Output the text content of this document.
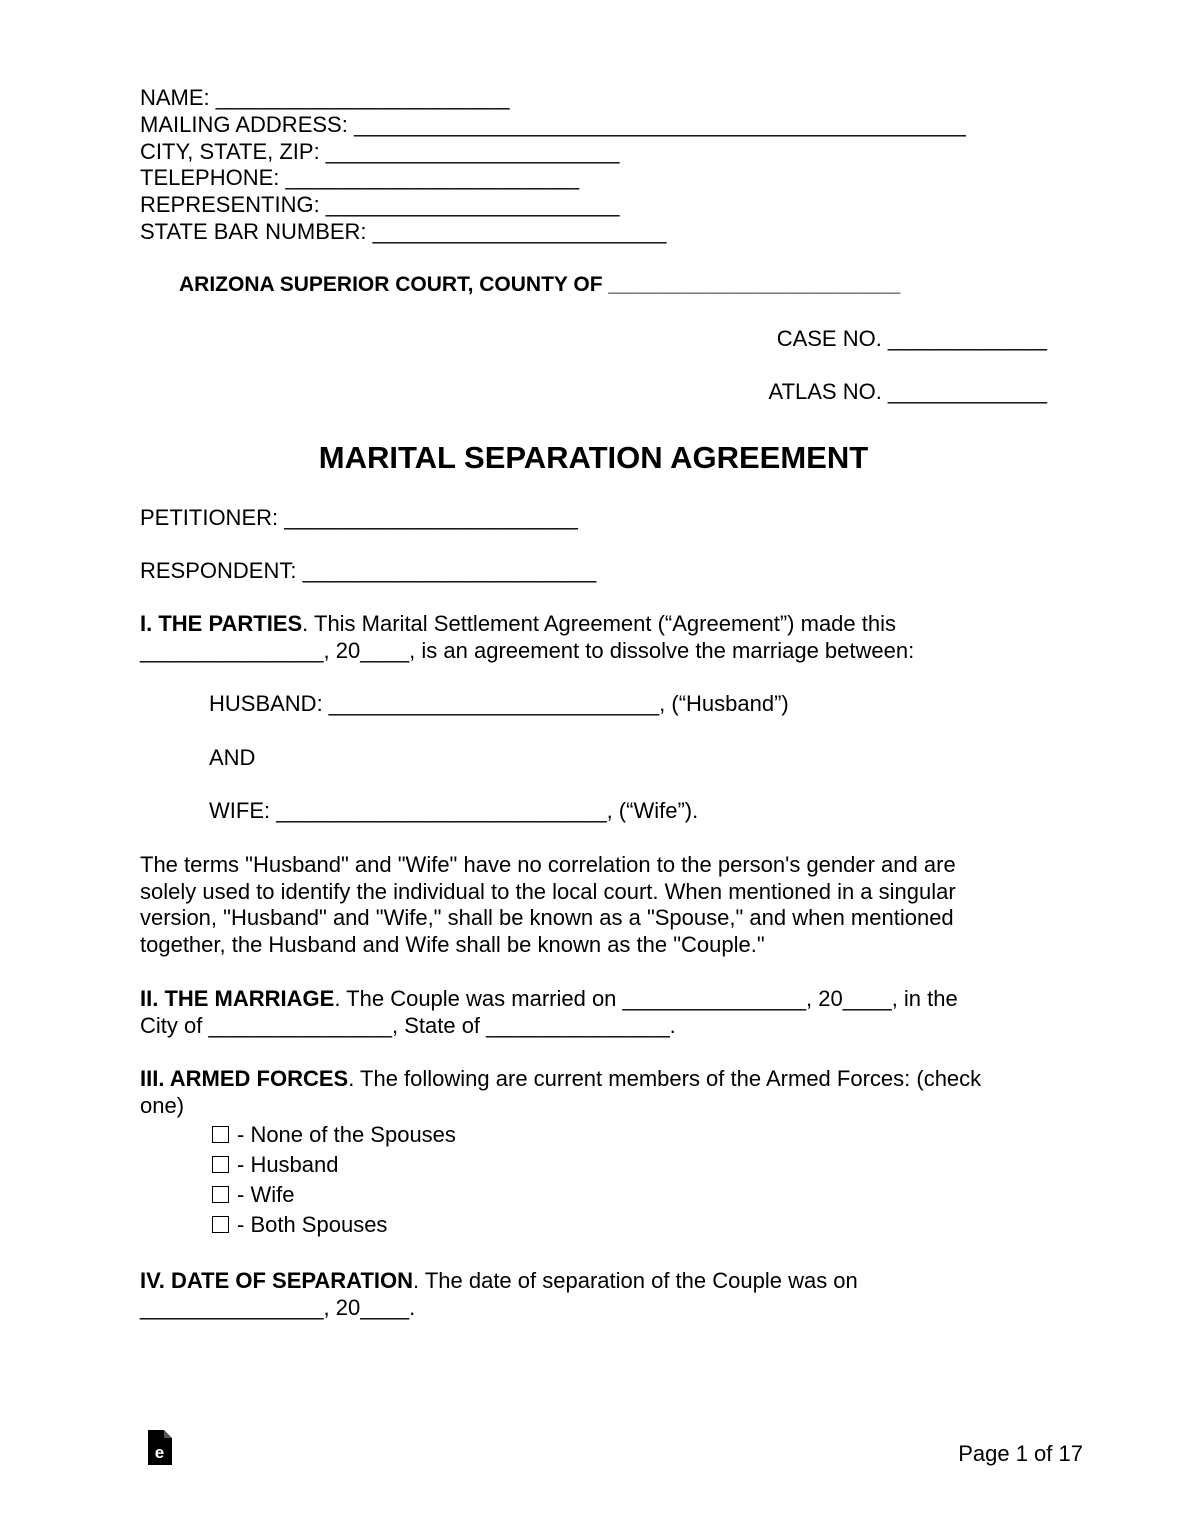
NAME: ________________________
MAILING ADDRESS: __________________________________________________
CITY, STATE, ZIP: ________________________
TELEPHONE: ________________________
REPRESENTING: ________________________
STATE BAR NUMBER: ________________________
ARIZONA SUPERIOR COURT, COUNTY OF _________________________
CASE NO. _____________
ATLAS NO. _____________
MARITAL SEPARATION AGREEMENT
PETITIONER: ________________________
RESPONDENT: ________________________
I. THE PARTIES. This Marital Settlement Agreement (“Agreement”) made this
_______________, 20____, is an agreement to dissolve the marriage between:
HUSBAND: ___________________________, (“Husband”)
AND
WIFE: ___________________________, (“Wife”).
The terms "Husband" and "Wife" have no correlation to the person's gender and are
solely used to identify the individual to the local court. When mentioned in a singular
version, "Husband" and "Wife," shall be known as a "Spouse," and when mentioned
together, the Husband and Wife shall be known as the "Couple."
II. THE MARRIAGE. The Couple was married on _______________, 20____, in the
City of _______________, State of _______________.
III. ARMED FORCES. The following are current members of the Armed Forces: (check
one)
- None of the Spouses
- Husband
- Wife
- Both Spouses
IV. DATE OF SEPARATION. The date of separation of the Couple was on
_______________, 20____.
e	Page 1 of 17
